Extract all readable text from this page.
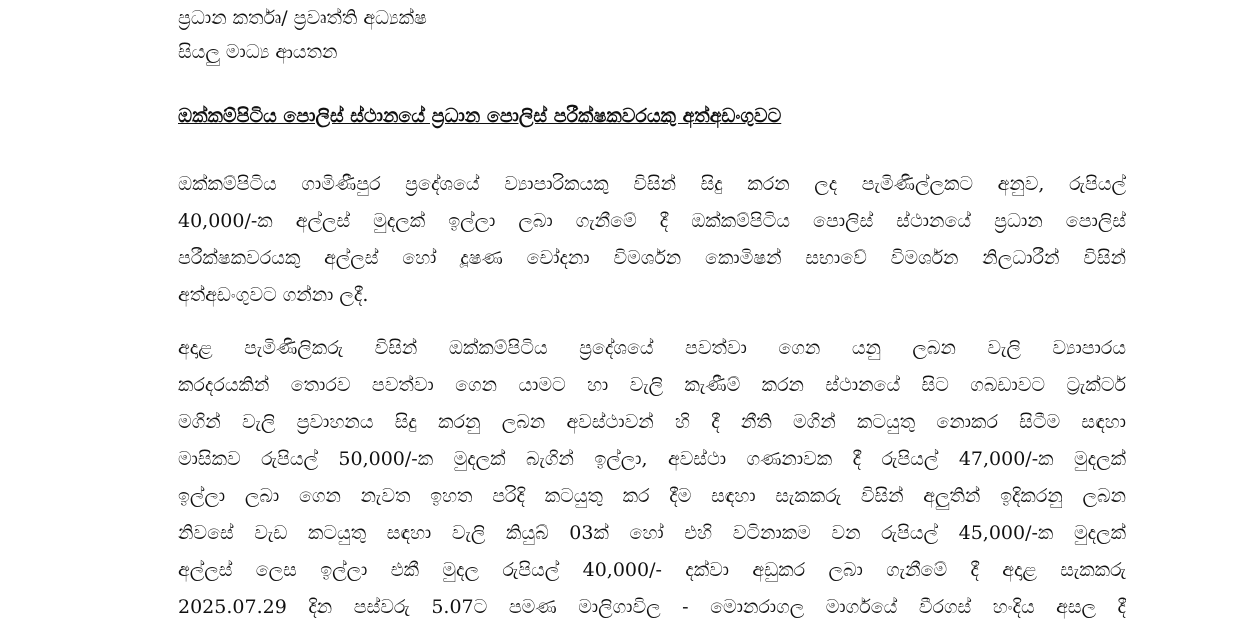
ප්‍රධාන කර්තෘ/ ප්‍රවෘත්ති අධ්‍යක්ෂ
සියලු මාධ්‍ය ආයතන
ඔක්කම්පිටිය පොලිස් ස්ථානයේ ප්‍රධාන පොලිස් පරීක්ෂකවරයකු අත්අඩංගුවට
ඔක්කම්පිටිය ගාමිණීපුර ප්‍රදේශයේ ව්‍යාපාරිකයකු විසින් සිදු කරන ලද පැමිණිල්ලකට අනුව, රුපියල්
40,000/-ක අල්ලස් මුදලක් ඉල්ලා ලබා ගැනීමේ දී ඔක්කම්පිටිය පොලිස් ස්ථානයේ ප්‍රධාන පොලිස්
පරීක්ෂකවරයකු අල්ලස් හෝ දූෂණ චෝදනා විමර්ශන කොමිෂන් සභාවේ විමර්ශන නිලධාරීන් විසින්
අත්අඩංගුවට ගන්නා ලදී.
අදාළ පැමිණිලිකරු විසින් ඔක්කම්පිටිය ප්‍රදේශයේ පවත්වා ගෙන යනු ලබන වැලි ව්‍යාපාරය
කරදරයකින් තොරව පවත්වා ගෙන යාමට හා වැලි කැණීම් කරන ස්ථානයේ සිට ගබඩාවට ට්‍රැක්ටර්
මගින් වැලි ප්‍රවාහනය සිදු කරනු ලබන අවස්ථාවන් හි දී නීති මගින් කටයුතු නොකර සිටීම සඳහා
මාසිකව රුපියල් 50,000/-ක මුදලක් බැගින් ඉල්ලා, අවස්ථා ගණනාවක දී රුපියල් 47,000/-ක මුදලක්
ඉල්ලා ලබා ගෙන නැවත ඉහත පරිදි කටයුතු කර දීම සඳහා සැකකරු විසින් අලුතින් ඉදිකරනු ලබන
නිවසේ වැඩ කටයුතු සඳහා වැලි කියුබ් 03ක් හෝ එහි වටිනාකම වන රුපියල් 45,000/-ක මුදලක්
අල්ලස් ලෙස ඉල්ලා එකී මුදල රුපියල් 40,000/- දක්වා අඩුකර ලබා ගැනීමේ දී අදාළ සැකකරු
2025.07.29 දින පස්වරු 5.07ට පමණ මාලිගාවිල - මොනරාගල මාර්ගයේ වීරගස් හංදිය අසල දී
